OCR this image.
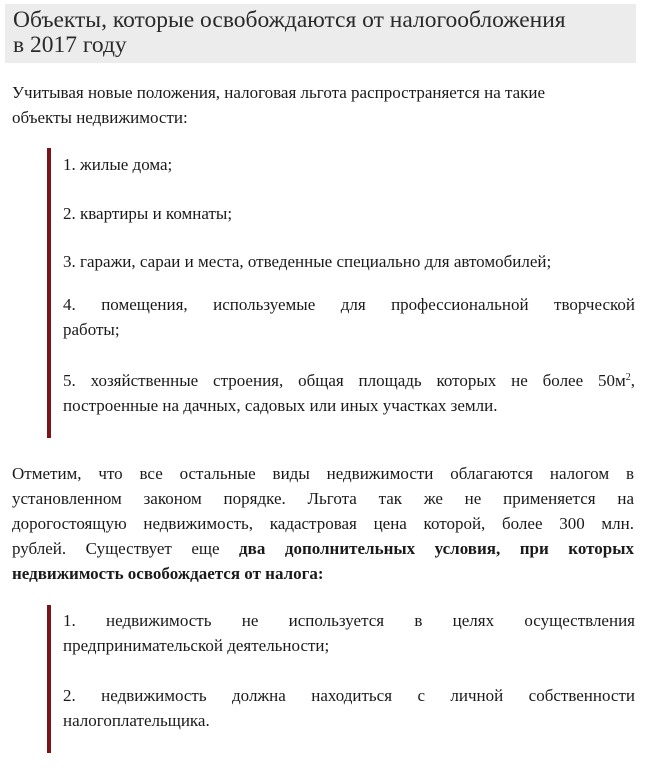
Объекты, которые освобождаются от налогообложения
в 2017 году
Учитывая новые положения, налоговая льгота распространяется на такие
объекты недвижимости:
1. жилые дома;
2. квартиры и комнаты;
3. гаражи, сараи и места, отведенные специально для автомобилей;
4. помещения, используемые для профессиональной творческой
работы;
5. хозяйственные строения, общая площадь которых не более $50м^2$,
построенные на дачных, садовых или иных участках земли.
Отметим, что все остальные виды недвижимости облагаются налогом в
установленном законом порядке. Льгота так же не применяется на
дорогостоящую недвижимость, кадастровая цена которой, более 300 млн.
рублей. Существует еще два дополнительных условия, при которых
недвижимость освобождается от налога:
1. недвижимость не используется в целях осуществления
предпринимательской деятельности;
2. недвижимость должна находиться с личной собственности
налогоплательщика.
